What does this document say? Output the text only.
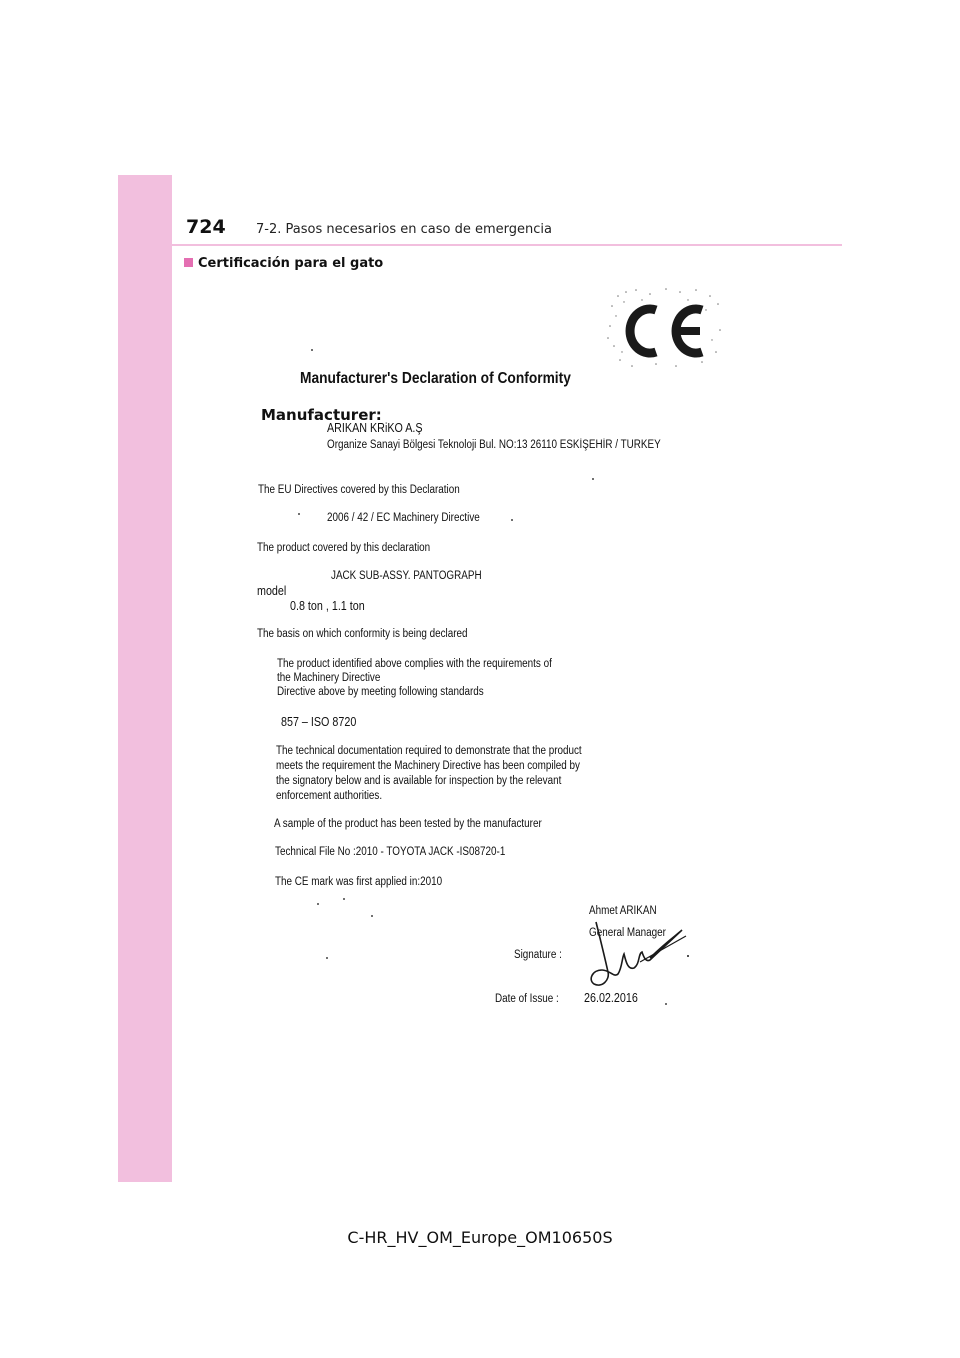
724 7-2. Pasos necesarios en caso de emergencia
Certificación para el gato
Manufacturer's Declaration of Conformity
Manufacturer:
ARIKAN KRiKO A.Ş
Organize Sanayi Bölgesi Teknoloji Bul. NO:13 26110 ESKİŞEHİR / TURKEY
The EU Directives covered by this Declaration
2006 / 42 / EC Machinery Directive
The product covered by this declaration
JACK SUB-ASSY. PANTOGRAPH
model
0.8 ton , 1.1 ton
The basis on which conformity is being declared
The product identified above complies with the requirements of
the Machinery Directive
Directive above by meeting following standards
857 – ISO 8720
The technical documentation required to demonstrate that the product
meets the requirement the Machinery Directive has been compiled by
the signatory below and is available for inspection by the relevant
enforcement authorities.
A sample of the product has been tested by the manufacturer
Technical File No :2010 - TOYOTA JACK -IS08720-1
The CE mark was first applied in:2010
Ahmet ARIKAN
General Manager
Signature :
Date of Issue : 26.02.2016
C-HR_HV_OM_Europe_OM10650S
